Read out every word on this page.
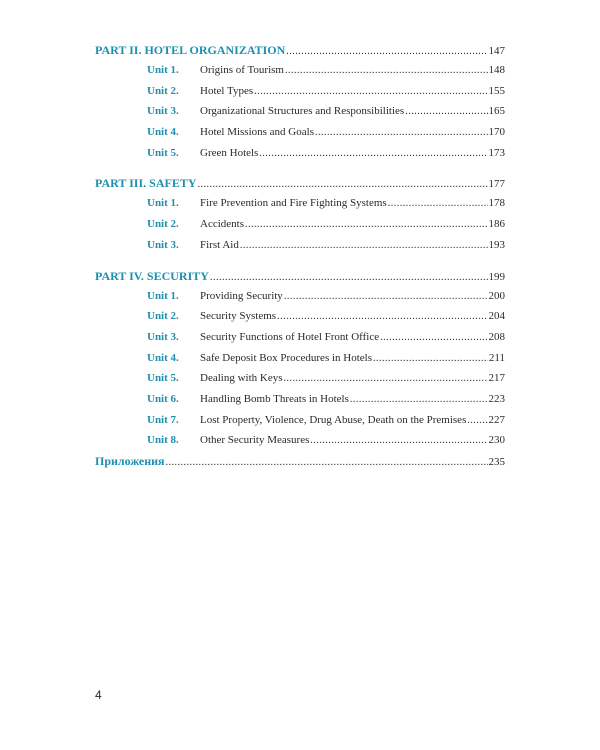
PART II. HOTEL ORGANIZATION .....	147
Unit 1.	Origins of Tourism .....	148
Unit 2.	Hotel Types .....	155
Unit 3.	Organizational Structures and Responsibilities .....	165
Unit 4.	Hotel Missions and Goals .....	170
Unit 5.	Green Hotels .....	173
PART III. SAFETY .....	177
Unit 1.	Fire Prevention and Fire Fighting Systems .....	178
Unit 2.	Accidents .....	186
Unit 3.	First Aid .....	193
PART IV. SECURITY .....	199
Unit 1.	Providing Security .....	200
Unit 2.	Security Systems .....	204
Unit 3.	Security Functions of Hotel Front Office .....	208
Unit 4.	Safe Deposit Box Procedures in Hotels .....	211
Unit 5.	Dealing with Keys .....	217
Unit 6.	Handling Bomb Threats in Hotels .....	223
Unit 7.	Lost Property, Violence, Drug Abuse, Death on the Premises ..... 227
Unit 8.	Other Security Measures .....	230
Приложения .....	235
4
